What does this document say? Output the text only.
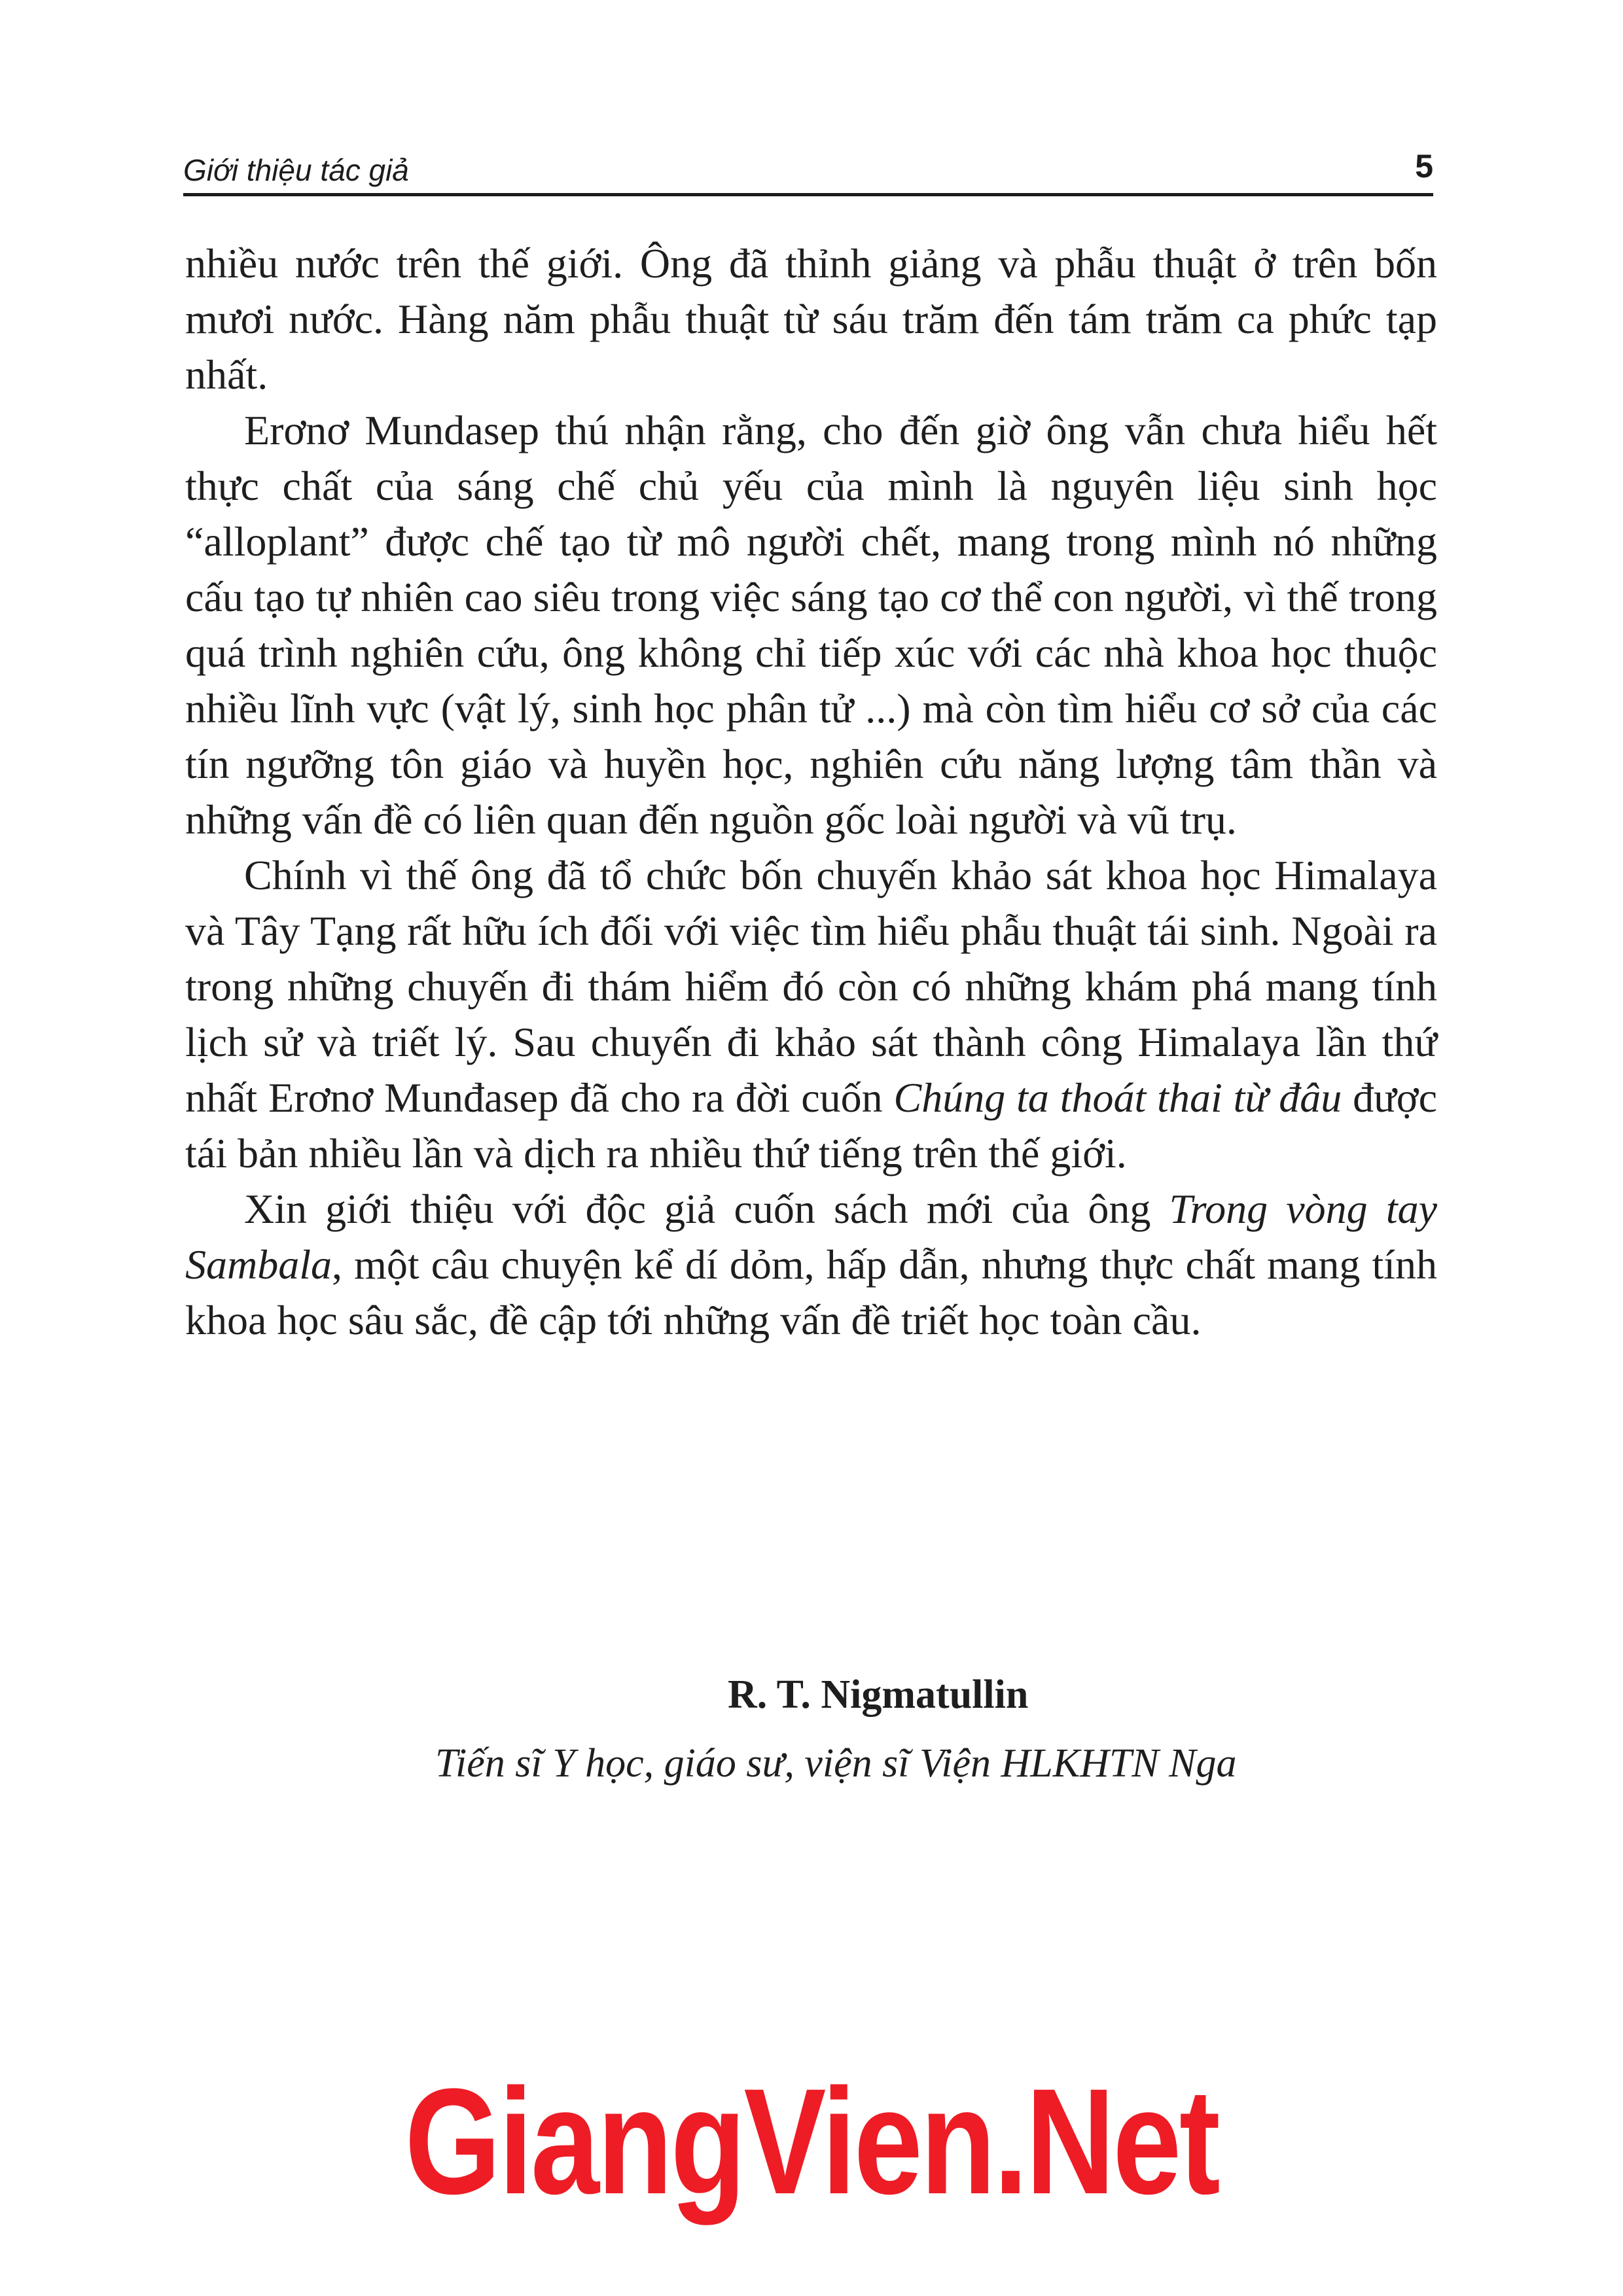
Giới thiệu tác giả	5

nhiều nước trên thế giới. Ông đã thỉnh giảng và phẫu thuật ở trên bốn mươi nước. Hàng năm phẫu thuật từ sáu trăm đến tám trăm ca phức tạp nhất.

Erơnơ Mundasep thú nhận rằng, cho đến giờ ông vẫn chưa hiểu hết thực chất của sáng chế chủ yếu của mình là nguyên liệu sinh học “alloplant” được chế tạo từ mô người chết, mang trong mình nó những cấu tạo tự nhiên cao siêu trong việc sáng tạo cơ thể con người, vì thế trong quá trình nghiên cứu, ông không chỉ tiếp xúc với các nhà khoa học thuộc nhiều lĩnh vực (vật lý, sinh học phân tử ...) mà còn tìm hiểu cơ sở của các tín ngưỡng tôn giáo và huyền học, nghiên cứu năng lượng tâm thần và những vấn đề có liên quan đến nguồn gốc loài người và vũ trụ.

Chính vì thế ông đã tổ chức bốn chuyến khảo sát khoa học Himalaya và Tây Tạng rất hữu ích đối với việc tìm hiểu phẫu thuật tái sinh. Ngoài ra trong những chuyến đi thám hiểm đó còn có những khám phá mang tính lịch sử và triết lý. Sau chuyến đi khảo sát thành công Himalaya lần thứ nhất Erơnơ Munđasep đã cho ra đời cuốn Chúng ta thoát thai từ đâu được tái bản nhiều lần và dịch ra nhiều thứ tiếng trên thế giới.

Xin giới thiệu với độc giả cuốn sách mới của ông Trong vòng tay Sambala, một câu chuyện kể dí dỏm, hấp dẫn, nhưng thực chất mang tính khoa học sâu sắc, đề cập tới những vấn đề triết học toàn cầu.

R. T. Nigmatullin
Tiến sĩ Y học, giáo sư, viện sĩ Viện HLKHTN Nga
GiangVien.Net
